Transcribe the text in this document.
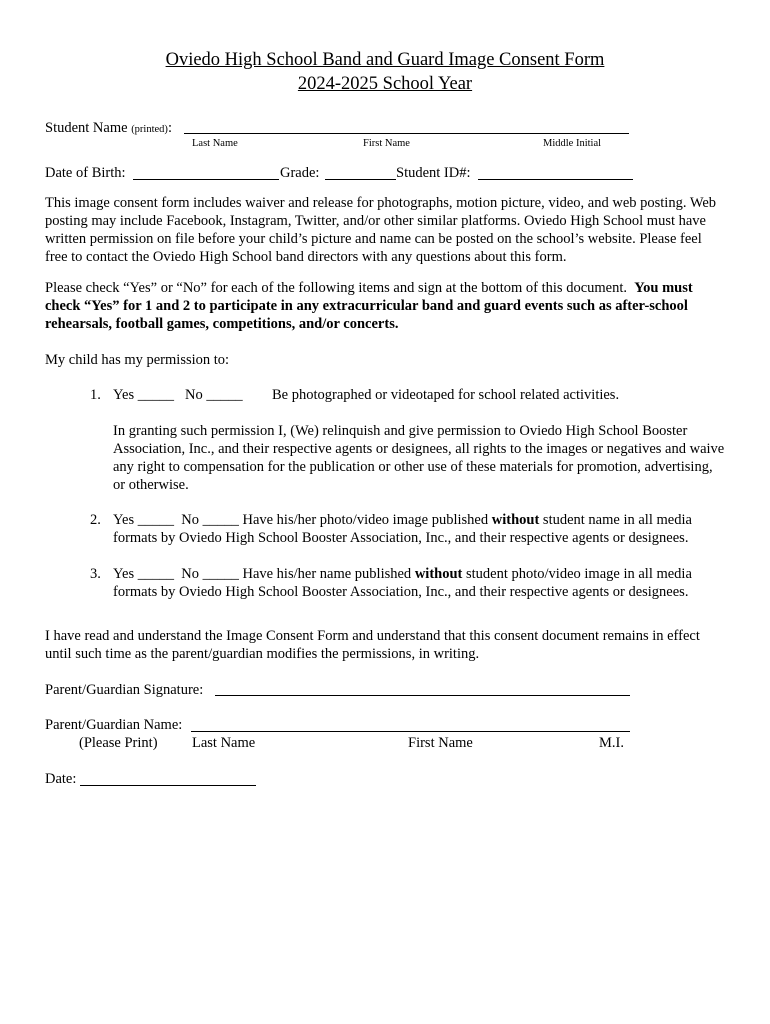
Oviedo High School Band and Guard Image Consent Form
2024-2025 School Year
Student Name (printed):
Last Name	First Name	Middle Initial
Date of Birth:	Grade:	Student ID#:
This image consent form includes waiver and release for photographs, motion picture, video, and web posting. Web posting may include Facebook, Instagram, Twitter, and/or other similar platforms. Oviedo High School must have written permission on file before your child’s picture and name can be posted on the school’s website. Please feel free to contact the Oviedo High School band directors with any questions about this form.
Please check “Yes” or “No” for each of the following items and sign at the bottom of this document. You must check “Yes” for 1 and 2 to participate in any extracurricular band and guard events such as after-school rehearsals, football games, competitions, and/or concerts.
My child has my permission to:
1. Yes _____ No _____ Be photographed or videotaped for school related activities.
In granting such permission I, (We) relinquish and give permission to Oviedo High School Booster Association, Inc., and their respective agents or designees, all rights to the images or negatives and waive any right to compensation for the publication or other use of these materials for promotion, advertising, or otherwise.
2. Yes _____ No _____ Have his/her photo/video image published without student name in all media formats by Oviedo High School Booster Association, Inc., and their respective agents or designees.
3. Yes _____ No _____ Have his/her name published without student photo/video image in all media formats by Oviedo High School Booster Association, Inc., and their respective agents or designees.
I have read and understand the Image Consent Form and understand that this consent document remains in effect until such time as the parent/guardian modifies the permissions, in writing.
Parent/Guardian Signature:
Parent/Guardian Name:
(Please Print) Last Name	First Name	M.I.
Date:
